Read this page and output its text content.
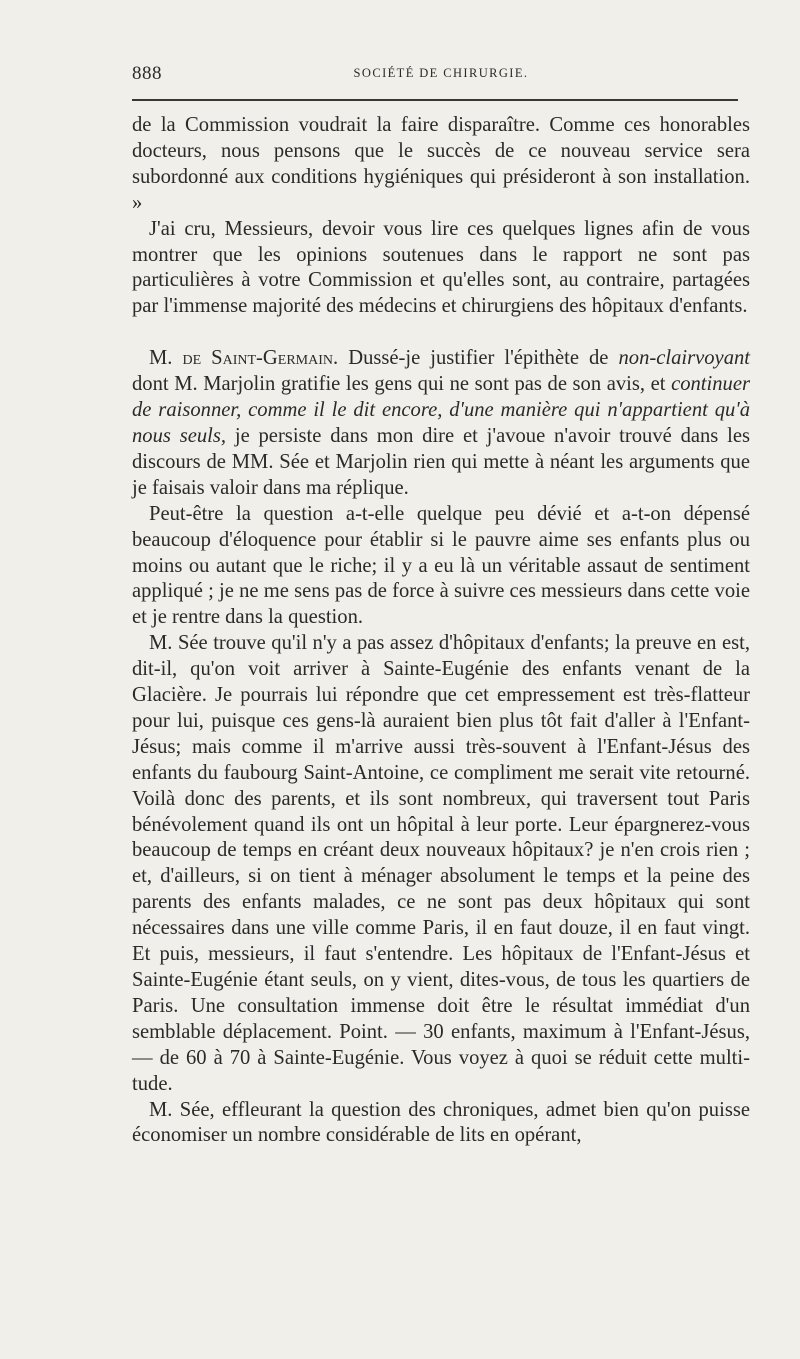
888	SOCIÉTÉ DE CHIRURGIE.

de la Commission voudrait la faire disparaître. Comme ces honorables docteurs, nous pensons que le succès de ce nouveau service sera subordonné aux conditions hygiéniques qui présideront à son installation. »

J'ai cru, Messieurs, devoir vous lire ces quelques lignes afin de vous montrer que les opinions soutenues dans le rapport ne sont pas particulières à votre Commission et qu'elles sont, au contraire, partagées par l'immense majorité des médecins et chirurgiens des hôpitaux d'enfants.

M. de Saint-Germain. Dussé-je justifier l'épithète de non-clairvoyant dont M. Marjolin gratifie les gens qui ne sont pas de son avis, et continuer de raisonner, comme il le dit encore, d'une manière qui n'appartient qu'à nous seuls, je persiste dans mon dire et j'avoue n'avoir trouvé dans les discours de MM. Sée et Marjolin rien qui mette à néant les arguments que je faisais valoir dans ma réplique.

Peut-être la question a-t-elle quelque peu dévié et a-t-on dépensé beaucoup d'éloquence pour établir si le pauvre aime ses enfants plus ou moins ou autant que le riche; il y a eu là un véritable assaut de sentiment appliqué ; je ne me sens pas de force à suivre ces messieurs dans cette voie et je rentre dans la question.

M. Sée trouve qu'il n'y a pas assez d'hôpitaux d'enfants; la preuve en est, dit-il, qu'on voit arriver à Sainte-Eugénie des enfants venant de la Glacière. Je pourrais lui répondre que cet empressement est très-flatteur pour lui, puisque ces gens-là auraient bien plus tôt fait d'aller à l'Enfant-Jésus; mais comme il m'arrive aussi très-souvent à l'Enfant-Jésus des enfants du faubourg Saint-Antoine, ce compliment me serait vite retourné. Voilà donc des parents, et ils sont nombreux, qui traversent tout Paris bénévolement quand ils ont un hôpital à leur porte. Leur épargnerez-vous beaucoup de temps en créant deux nouveaux hôpitaux? je n'en crois rien ; et, d'ailleurs, si on tient à ménager absolument le temps et la peine des parents des enfants malades, ce ne sont pas deux hôpitaux qui sont nécessaires dans une ville comme Paris, il en faut douze, il en faut vingt. Et puis, messieurs, il faut s'entendre. Les hôpitaux de l'Enfant-Jésus et Sainte-Eugénie étant seuls, on y vient, dites-vous, de tous les quartiers de Paris. Une consultation immense doit être le résultat immédiat d'un semblable déplacement. Point. — 30 enfants, maximum à l'Enfant-Jésus, — de 60 à 70 à Sainte-Eugénie. Vous voyez à quoi se réduit cette multitude.

M. Sée, effleurant la question des chroniques, admet bien qu'on puisse économiser un nombre considérable de lits en opérant,
